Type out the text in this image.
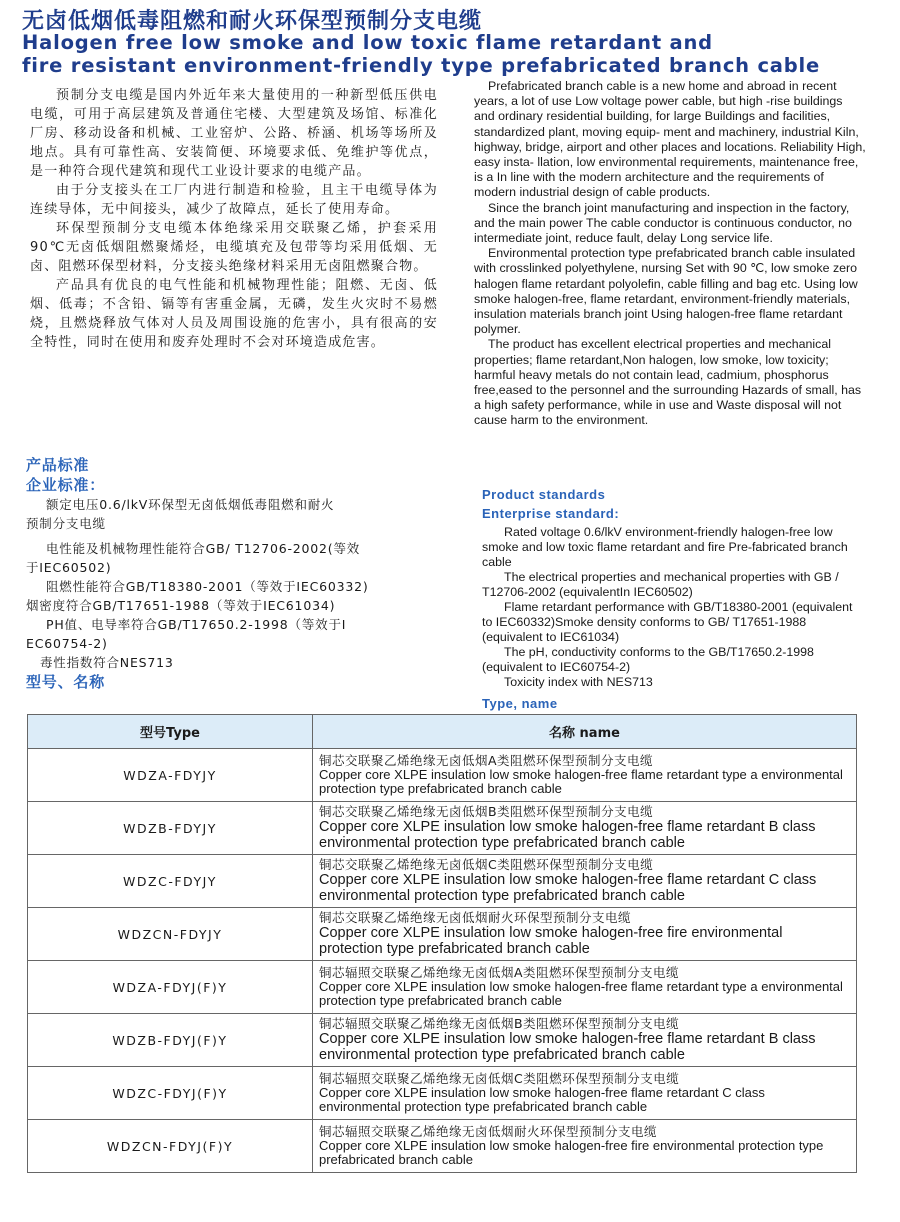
无卤低烟低毒阻燃和耐火环保型预制分支电缆
Halogen free low smoke and low toxic flame retardant and
fire resistant environment-friendly type prefabricated branch cable

预制分支电缆是国内外近年来大量使用的一种新型低压供电电缆，可用于高层建筑及普通住宅楼、大型建筑及场馆、标准化厂房、移动设备和机械、工业窑炉、公路、桥涵、机场等场所及地点。具有可靠性高、安装简便、环境要求低、免维护等优点，是一种符合现代建筑和现代工业设计要求的电缆产品。

由于分支接头在工厂内进行制造和检验，且主干电缆导体为连续导体，无中间接头，减少了故障点，延长了使用寿命。

环保型预制分支电缆本体绝缘采用交联聚乙烯，护套采用90℃无卤低烟阻燃聚烯烃，电缆填充及包带等均采用低烟、无卤、阻燃环保型材料，分支接头绝缘材料采用无卤阻燃聚合物。

产品具有优良的电气性能和机械物理性能；阻燃、无卤、低烟、低毒；不含铅、镉等有害重金属，无磷，发生火灾时不易燃烧，且燃烧释放气体对人员及周围设施的危害小，具有很高的安全特性，同时在使用和废弃处理时不会对环境造成危害。

Prefabricated branch cable is a new home and abroad in recent years, a lot of use Low voltage power cable, but high -rise buildings and ordinary residential building, for large Buildings and facilities, standardized plant, moving equip- ment and machinery, industrial Kiln, highway, bridge, airport and other places and locations. Reliability High, easy insta- llation, low environmental requirements, maintenance free, is a In line with the modern architecture and the requirements of modern industrial design of cable products.

Since the branch joint manufacturing and inspection in the factory, and the main power The cable conductor is continuous conductor, no intermediate joint, reduce fault, delay Long service life.

Environmental protection type prefabricated branch cable insulated with crosslinked polyethylene, nursing Set with 90 ℃, low smoke zero halogen flame retardant polyolefin, cable filling and bag etc. Using low smoke halogen-free, flame retardant, environment-friendly materials, insulation materials branch joint Using halogen-free flame retardant polymer.

The product has excellent electrical properties and mechanical properties; flame retardant,Non halogen, low smoke, low toxicity; harmful heavy metals do not contain lead, cadmium, phosphorus free,eased to the personnel and the surrounding Hazards of small, has a high safety performance, while in use and Waste disposal will not cause harm to the environment.

产品标准

企业标准：

额定电压0.6/lkV环保型无卤低烟低毒阻燃和耐火

预制分支电缆

电性能及机械物理性能符合GB/ T12706-2002(等效

于IEC60502)

阻燃性能符合GB/T18380-2001（等效于IEC60332)

烟密度符合GB/T17651-1988（等效于IEC61034)

PH值、电导率符合GB/T17650.2-1998（等效于I

EC60754-2)

毒性指数符合NES713

型号、名称

Product standards

Enterprise standard:

Rated voltage 0.6/lkV environment-friendly halogen-free low smoke and low toxic flame retardant and fire Pre-fabricated branch cable

The electrical properties and mechanical properties with GB / T12706-2002 (equivalentIn IEC60502)

Flame retardant performance with GB/T18380-2001 (equivalent to IEC60332)Smoke density conforms to GB/ T17651-1988 (equivalent to IEC61034)

The pH, conductivity conforms to the GB/T17650.2-1998 (equivalent to IEC60754-2)

Toxicity index with NES713

Type, name

型号Type	名称 name
WDZA-FDYJY	铜芯交联聚乙烯绝缘无卤低烟A类阻燃环保型预制分支电缆
Copper core XLPE insulation low smoke halogen-free flame retardant type a environmental protection type prefabricated branch cable

WDZB-FDYJY	铜芯交联聚乙烯绝缘无卤低烟B类阻燃环保型预制分支电缆
Copper core XLPE insulation low smoke halogen-free flame retardant B class environmental protection type prefabricated branch cable

WDZC-FDYJY	铜芯交联聚乙烯绝缘无卤低烟C类阻燃环保型预制分支电缆
Copper core XLPE insulation low smoke halogen-free flame retardant C class environmental protection type prefabricated branch cable

WDZCN-FDYJY	铜芯交联聚乙烯绝缘无卤低烟耐火环保型预制分支电缆
Copper core XLPE insulation low smoke halogen-free fire environmental protection type prefabricated branch cable

WDZA-FDYJ(F)Y	铜芯辐照交联聚乙烯绝缘无卤低烟A类阻燃环保型预制分支电缆
Copper core XLPE insulation low smoke halogen-free flame retardant type a environmental protection type prefabricated branch cable

WDZB-FDYJ(F)Y	铜芯辐照交联聚乙烯绝缘无卤低烟B类阻燃环保型预制分支电缆
Copper core XLPE insulation low smoke halogen-free flame retardant B class environmental protection type prefabricated branch cable

WDZC-FDYJ(F)Y	铜芯辐照交联聚乙烯绝缘无卤低烟C类阻燃环保型预制分支电缆
Copper core XLPE insulation low smoke halogen-free flame retardant C class environmental protection type prefabricated branch cable

WDZCN-FDYJ(F)Y	铜芯辐照交联聚乙烯绝缘无卤低烟耐火环保型预制分支电缆
Copper core XLPE insulation low smoke halogen-free fire environmental protection type prefabricated branch cable
